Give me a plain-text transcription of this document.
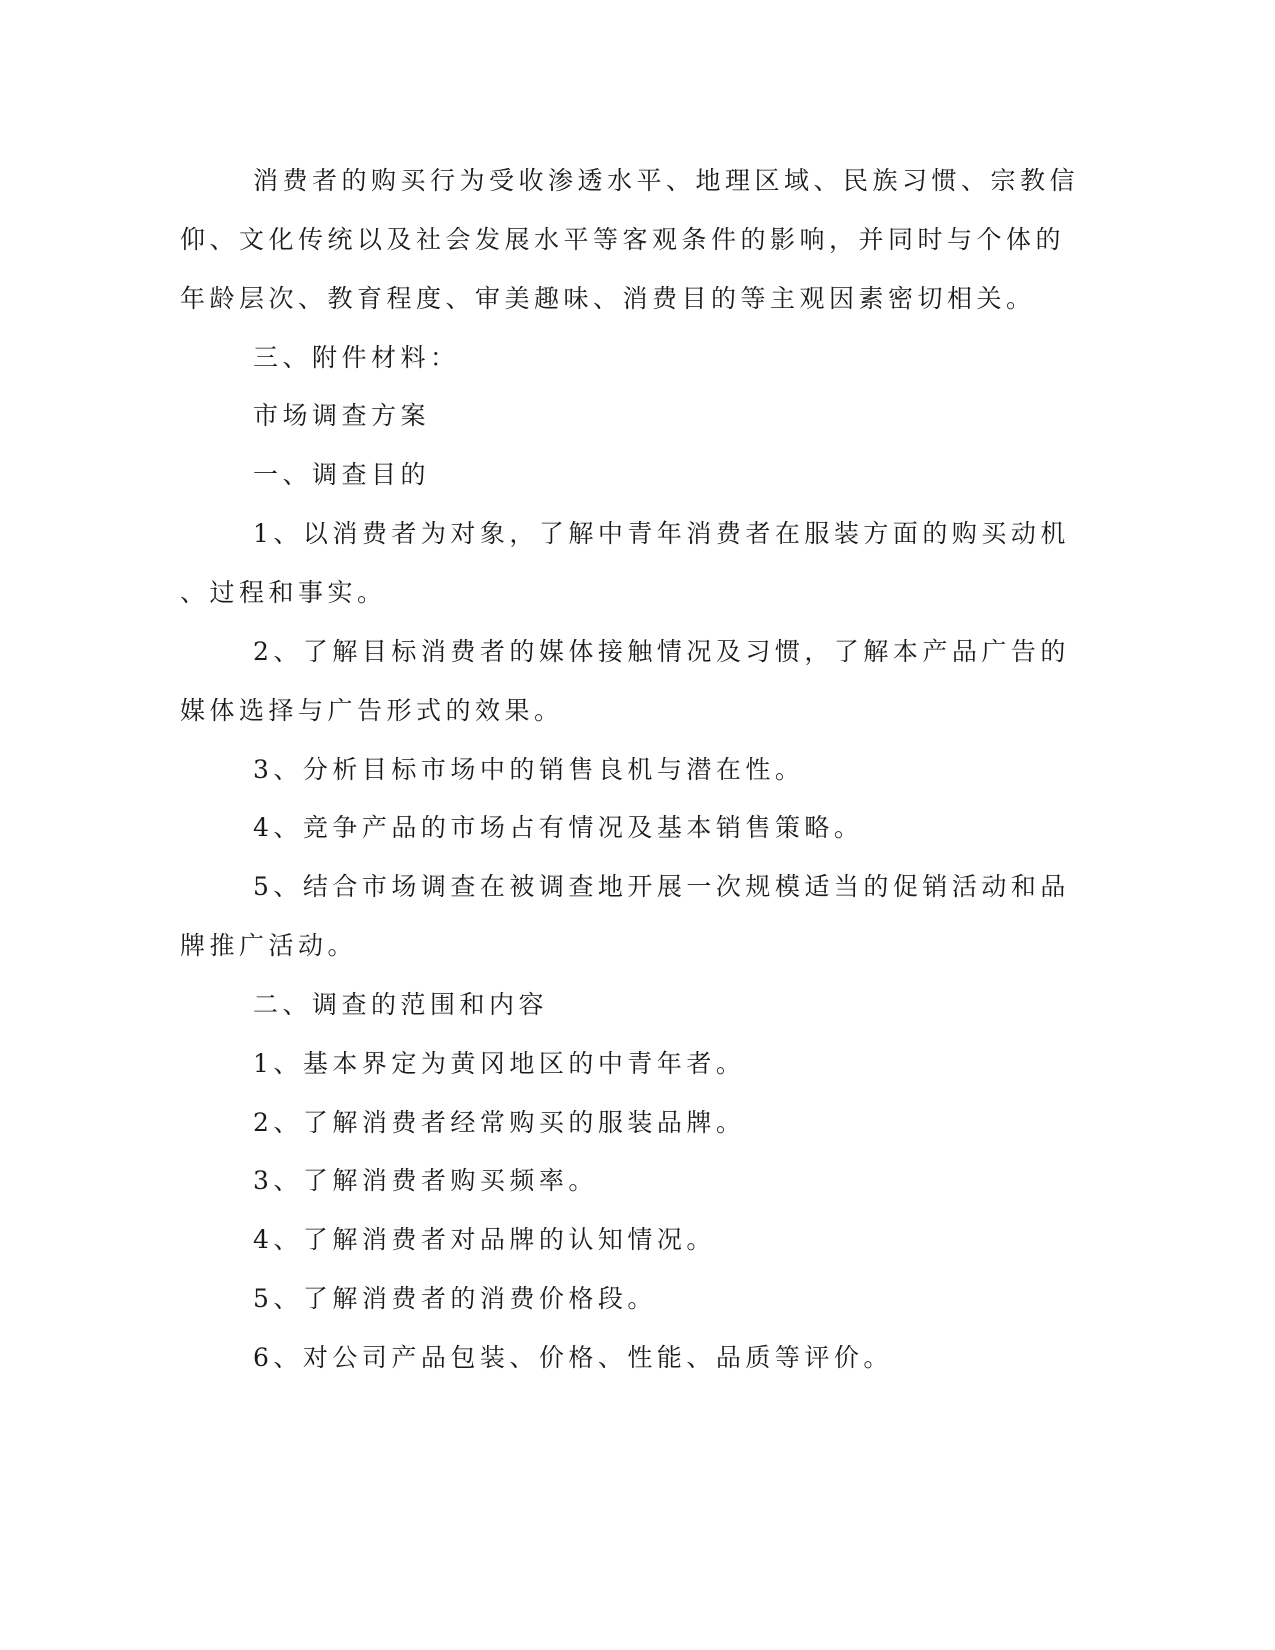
消费者的购买行为受收渗透水平、地理区域、民族习惯、宗教信
仰、文化传统以及社会发展水平等客观条件的影响，并同时与个体的
年龄层次、教育程度、审美趣味、消费目的等主观因素密切相关。
三、附件材料：
市场调查方案
一、调查目的
1、以消费者为对象，了解中青年消费者在服装方面的购买动机
、过程和事实。
2、了解目标消费者的媒体接触情况及习惯，了解本产品广告的
媒体选择与广告形式的效果。
3、分析目标市场中的销售良机与潜在性。
4、竞争产品的市场占有情况及基本销售策略。
5、结合市场调查在被调查地开展一次规模适当的促销活动和品
牌推广活动。
二、调查的范围和内容
1、基本界定为黄冈地区的中青年者。
2、了解消费者经常购买的服装品牌。
3、了解消费者购买频率。
4、了解消费者对品牌的认知情况。
5、了解消费者的消费价格段。
6、对公司产品包装、价格、性能、品质等评价。
